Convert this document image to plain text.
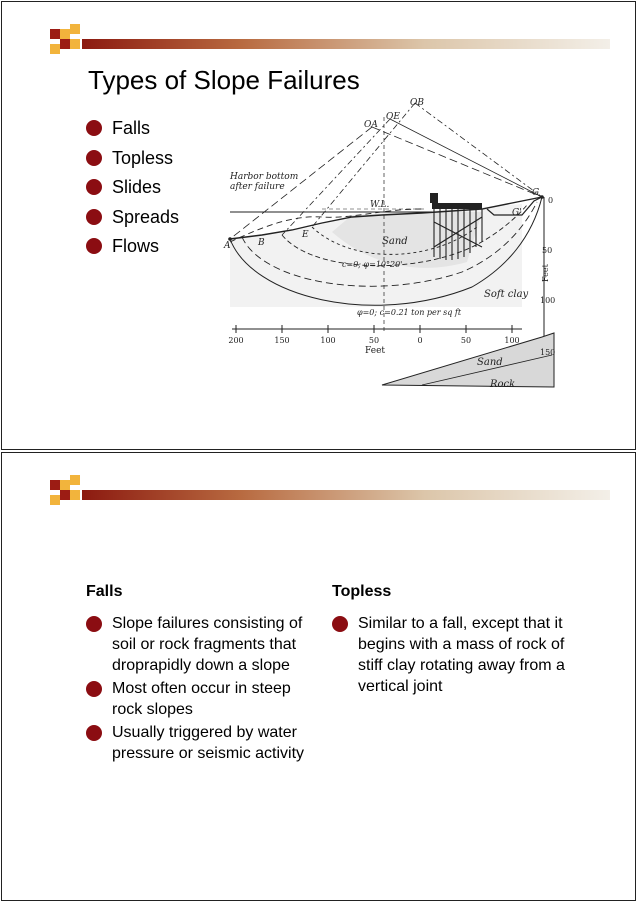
Types of Slope Failures
Falls
Topless
Slides
Spreads
Flows
Harbor bottom
after failure
W.L.
Sand
Soft clay
c=0; φ=10°20'
φ=0; c=0.21 ton per sq ft
Sand
Rock
Feet
Feet
A	B
E
G
G'
OA
OB
OE
200	150	100	50	0	50	100
0
50
100
150
Falls
Slope failures consisting of soil or rock fragments that droprapidly down a slope
Most often occur in steep rock slopes
Usually triggered by water pressure or seismic activity
Topless
Similar to a fall, except that it begins with a mass of rock of stiff clay rotating away from a vertical joint
